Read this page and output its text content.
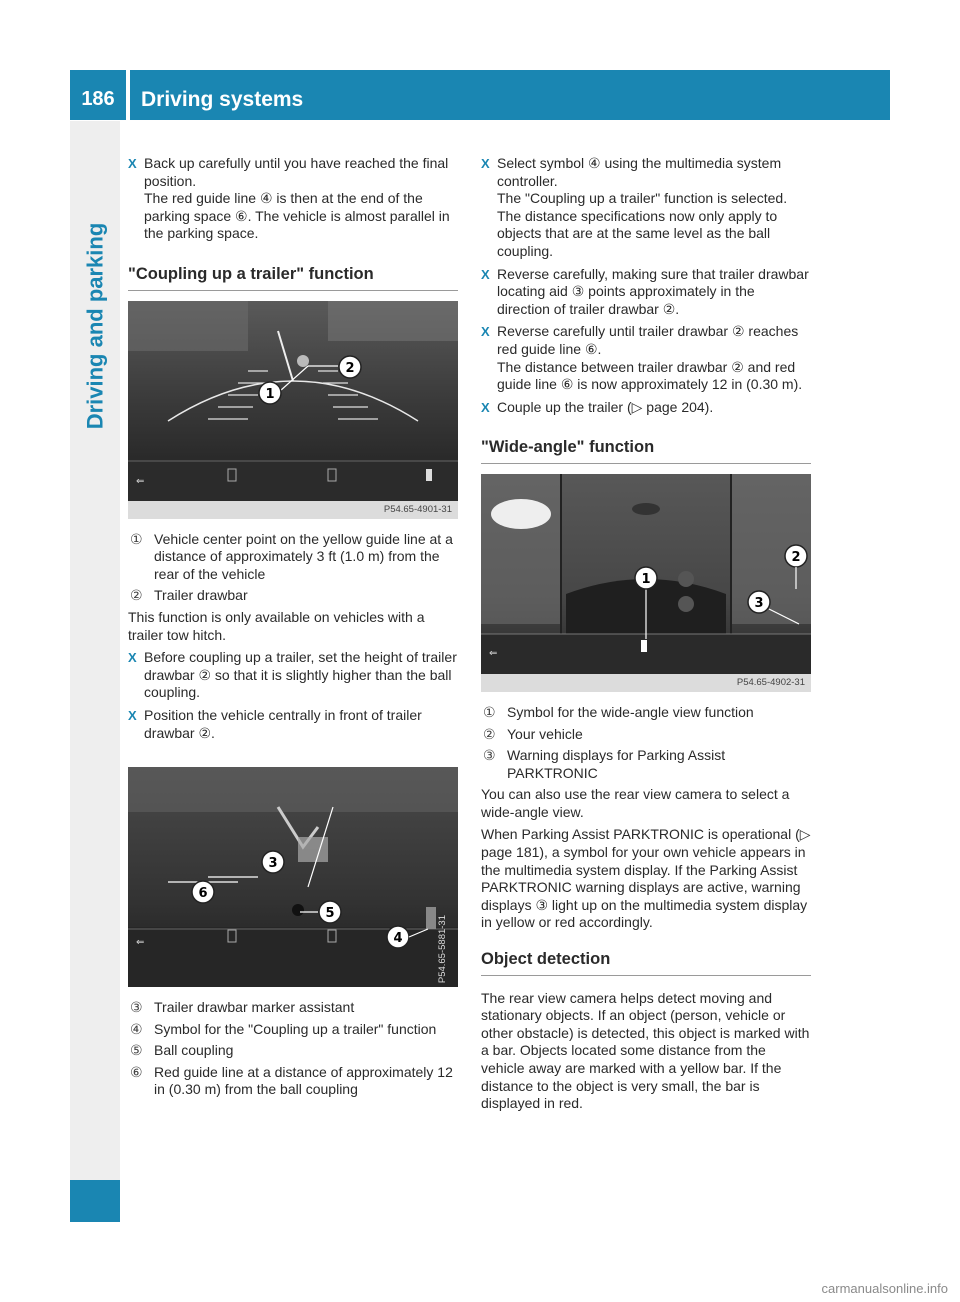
186	Driving systems
Driving and parking
X Back up carefully until you have reached the final position.

The red guide line ④ is then at the end of the parking space ⑥. The vehicle is almost parallel in the parking space.

"Coupling up a trailer" function
⇐
1
2
P54.65-4901-31
① Vehicle center point on the yellow guide line at a distance of approximately 3 ft (1.0 m) from the rear of the vehicle
② Trailer drawbar

This function is only available on vehicles with a trailer tow hitch.

X Before coupling up a trailer, set the height of trailer drawbar ② so that it is slightly higher than the ball coupling.

X Position the vehicle centrally in front of trailer drawbar ②.

⇐
3
6
5
4	P54.65-5881-31
③ Trailer drawbar marker assistant
④ Symbol for the "Coupling up a trailer" function
⑤ Ball coupling
⑥ Red guide line at a distance of approximately 12 in (0.30 m) from the ball coupling
X Select symbol ④ using the multimedia system controller.

The "Coupling up a trailer" function is selected. The distance specifications now only apply to objects that are at the same level as the ball coupling.

X Reverse carefully, making sure that trailer drawbar locating aid ③ points approximately in the direction of trailer drawbar ②.

X Reverse carefully until trailer drawbar ② reaches red guide line ⑥.

The distance between trailer drawbar ② and red guide line ⑥ is now approximately 12 in (0.30 m).

X Couple up the trailer (▷ page 204).

"Wide-angle" function
⇐
1
2
3
P54.65-4902-31
① Symbol for the wide-angle view function
② Your vehicle
③ Warning displays for Parking Assist PARKTRONIC

You can also use the rear view camera to select a wide-angle view.

When Parking Assist PARKTRONIC is operational (▷ page 181), a symbol for your own vehicle appears in the multimedia system display. If the Parking Assist PARKTRONIC warning displays are active, warning displays ③ light up on the multimedia system display in yellow or red accordingly.

Object detection

The rear view camera helps detect moving and stationary objects. If an object (person, vehicle or other obstacle) is detected, this object is marked with a bar. Objects located some distance from the vehicle away are marked with a yellow bar. If the distance to the object is very small, the bar is displayed in red.

carmanualsonline.info
